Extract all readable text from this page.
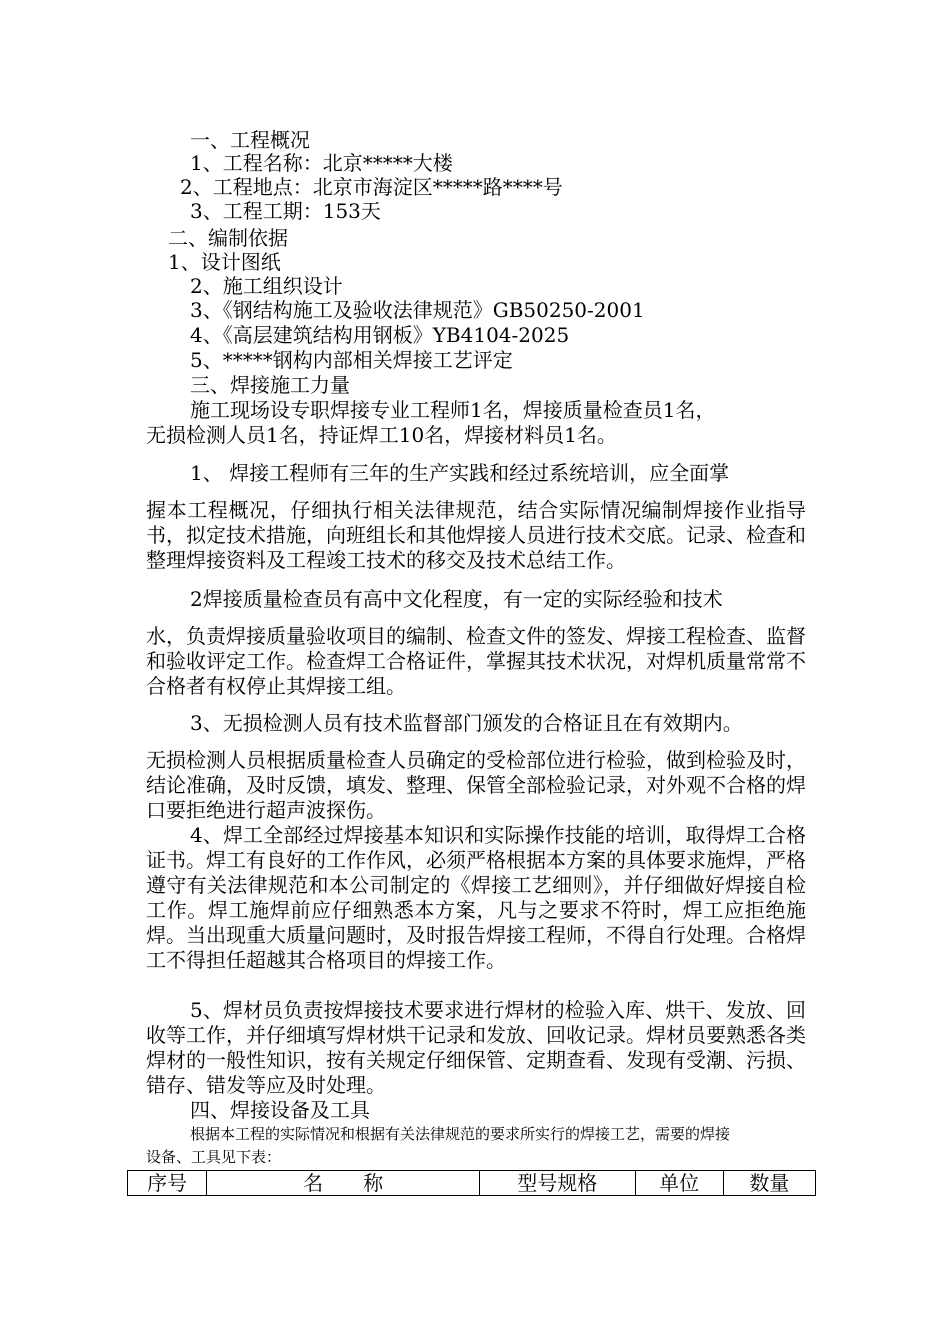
一、工程概况
1、工程名称：北京*****大楼
2、工程地点：北京市海淀区*****路****号
3、工程工期：153天
二、编制依据
1、设计图纸
2、施工组织设计
3、《钢结构施工及验收法律规范》GB50250-2001
4、《高层建筑结构用钢板》YB4104-2025
5、*****钢构内部相关焊接工艺评定
三、焊接施工力量
施工现场设专职焊接专业工程师1名，焊接质量检查员1名，
无损检测人员1名，持证焊工10名，焊接材料员1名。
1、 焊接工程师有三年的生产实践和经过系统培训，应全面掌
握本工程概况，仔细执行相关法律规范，结合实际情况编制焊接作业指导书，拟定技术措施，向班组长和其他焊接人员进行技术交底。记录、检查和整理焊接资料及工程竣工技术的移交及技术总结工作。
2焊接质量检查员有高中文化程度，有一定的实际经验和技术
水，负责焊接质量验收项目的编制、检查文件的签发、焊接工程检查、监督和验收评定工作。检查焊工合格证件，掌握其技术状况，对焊机质量常常不合格者有权停止其焊接工组。
3、无损检测人员有技术监督部门颁发的合格证且在有效期内。
无损检测人员根据质量检查人员确定的受检部位进行检验，做到检验及时，结论准确，及时反馈，填发、整理、保管全部检验记录，对外观不合格的焊口要拒绝进行超声波探伤。
4、焊工全部经过焊接基本知识和实际操作技能的培训，取得焊工合格证书。焊工有良好的工作作风，必须严格根据本方案的具体要求施焊，严格遵守有关法律规范和本公司制定的《焊接工艺细则》，并仔细做好焊接自检工作。焊工施焊前应仔细熟悉本方案，凡与之要求不符时，焊工应拒绝施焊。当出现重大质量问题时，及时报告焊接工程师，不得自行处理。合格焊工不得担任超越其合格项目的焊接工作。
5、焊材员负责按焊接技术要求进行焊材的检验入库、烘干、发放、回收等工作，并仔细填写焊材烘干记录和发放、回收记录。焊材员要熟悉各类焊材的一般性知识，按有关规定仔细保管、定期查看、发现有受潮、污损、错存、错发等应及时处理。
四、焊接设备及工具
根据本工程的实际情况和根据有关法律规范的要求所实行的焊接工艺，需要的焊接
设备、工具见下表：
序号	名　　称	型号规格	单位	数量
